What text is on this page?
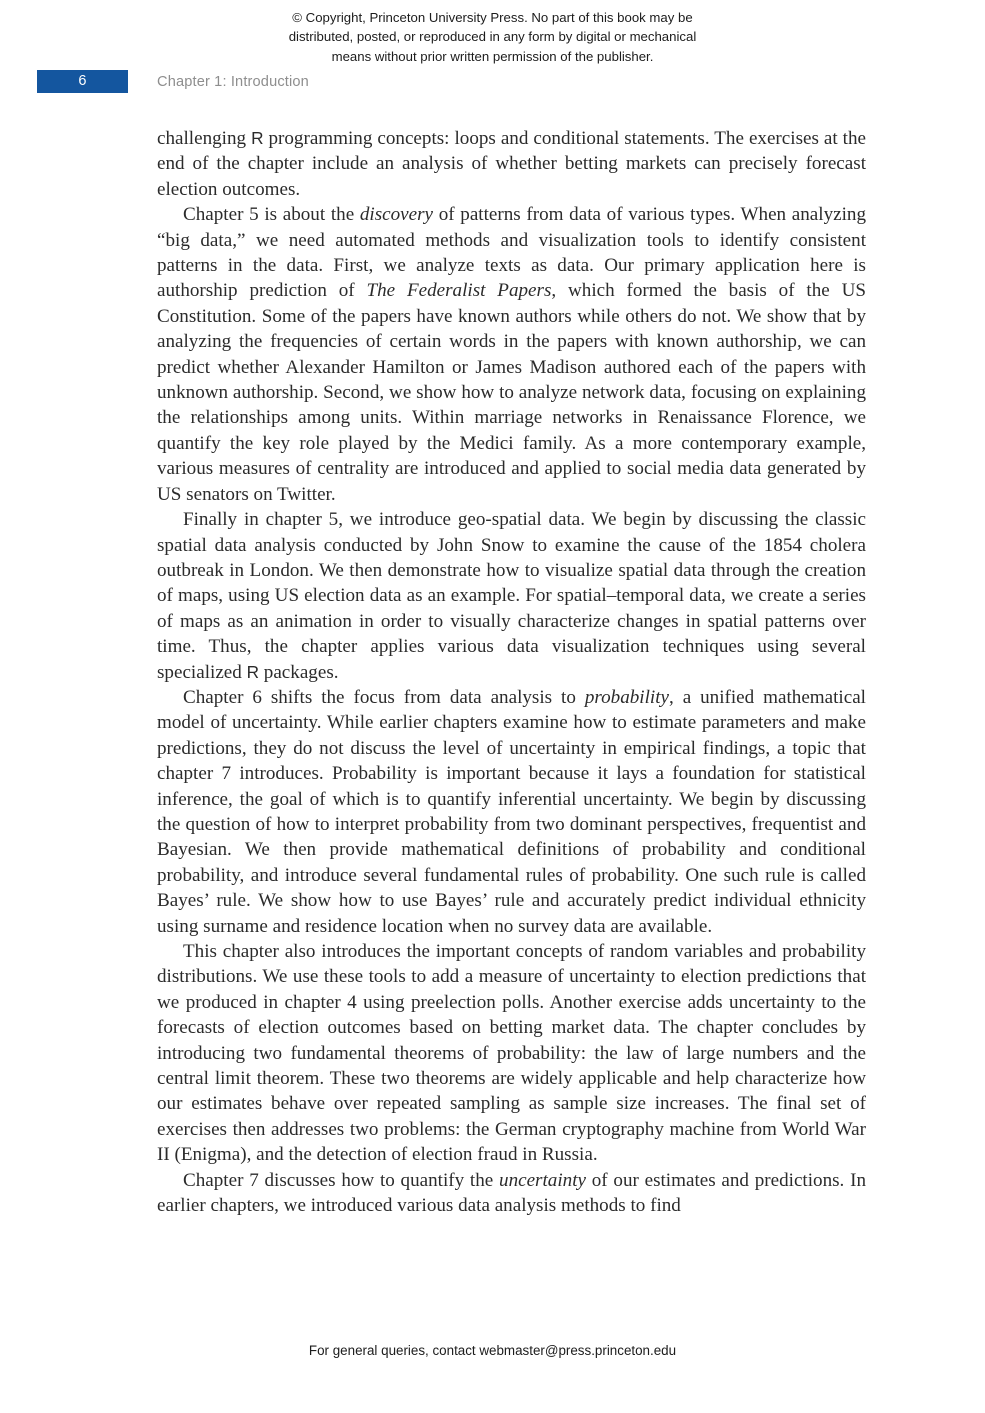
© Copyright, Princeton University Press. No part of this book may be
distributed, posted, or reproduced in any form by digital or mechanical
means without prior written permission of the publisher.
6	Chapter 1: Introduction

challenging R programming concepts: loops and conditional statements. The exercises at the end of the chapter include an analysis of whether betting markets can precisely forecast election outcomes.

Chapter 5 is about the discovery of patterns from data of various types. When analyzing “big data,” we need automated methods and visualization tools to identify consistent patterns in the data. First, we analyze texts as data. Our primary application here is authorship prediction of The Federalist Papers, which formed the basis of the US Constitution. Some of the papers have known authors while others do not. We show that by analyzing the frequencies of certain words in the papers with known authorship, we can predict whether Alexander Hamilton or James Madison authored each of the papers with unknown authorship. Second, we show how to analyze network data, focusing on explaining the relationships among units. Within marriage networks in Renaissance Florence, we quantify the key role played by the Medici family. As a more contemporary example, various measures of centrality are introduced and applied to social media data generated by US senators on Twitter.

Finally in chapter 5, we introduce geo-spatial data. We begin by discussing the classic spatial data analysis conducted by John Snow to examine the cause of the 1854 cholera outbreak in London. We then demonstrate how to visualize spatial data through the creation of maps, using US election data as an example. For spatial–temporal data, we create a series of maps as an animation in order to visually characterize changes in spatial patterns over time. Thus, the chapter applies various data visualization techniques using several specialized R packages.

Chapter 6 shifts the focus from data analysis to probability, a unified mathematical model of uncertainty. While earlier chapters examine how to estimate parameters and make predictions, they do not discuss the level of uncertainty in empirical findings, a topic that chapter 7 introduces. Probability is important because it lays a foundation for statistical inference, the goal of which is to quantify inferential uncertainty. We begin by discussing the question of how to interpret probability from two dominant perspectives, frequentist and Bayesian. We then provide mathematical definitions of probability and conditional probability, and introduce several fundamental rules of probability. One such rule is called Bayes’ rule. We show how to use Bayes’ rule and accurately predict individual ethnicity using surname and residence location when no survey data are available.

This chapter also introduces the important concepts of random variables and probability distributions. We use these tools to add a measure of uncertainty to election predictions that we produced in chapter 4 using preelection polls. Another exercise adds uncertainty to the forecasts of election outcomes based on betting market data. The chapter concludes by introducing two fundamental theorems of probability: the law of large numbers and the central limit theorem. These two theorems are widely applicable and help characterize how our estimates behave over repeated sampling as sample size increases. The final set of exercises then addresses two problems: the German cryptography machine from World War II (Enigma), and the detection of election fraud in Russia.

Chapter 7 discusses how to quantify the uncertainty of our estimates and predictions. In earlier chapters, we introduced various data analysis methods to find

For general queries, contact webmaster@press.princeton.edu
